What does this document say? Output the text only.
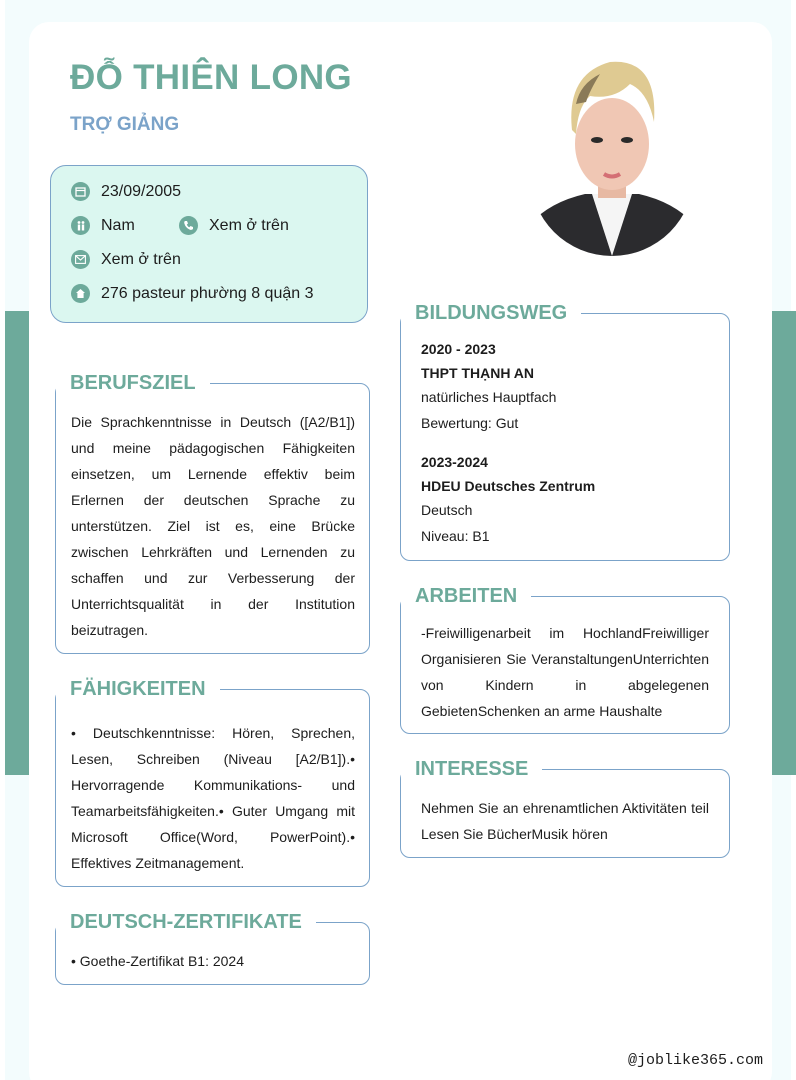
ĐỖ THIÊN LONG
TRỢ GIẢNG
23/09/2005
Nam	Xem ở trên
Xem ở trên
276 pasteur phường 8 quận 3
BERUFSZIEL
Die Sprachkenntnisse in Deutsch ([A2/B1]) und meine pädagogischen Fähigkeiten einsetzen, um Lernende effektiv beim Erlernen der deutschen Sprache zu unterstützen. Ziel ist es, eine Brücke zwischen Lehrkräften und Lernenden zu schaffen und zur Verbesserung der Unterrichtsqualität in der Institution beizutragen.
FÄHIGKEITEN
• Deutschkenntnisse: Hören, Sprechen, Lesen, Schreiben (Niveau [A2/B1]).• Hervorragende Kommunikations- und Teamarbeitsfähigkeiten.• Guter Umgang mit Microsoft Office(Word, PowerPoint).• Effektives Zeitmanagement.
DEUTSCH-ZERTIFIKATE
• Goethe-Zertifikat B1: 2024
BILDUNGSWEG
2020 - 2023
THPT THẠNH AN
natürliches Hauptfach
Bewertung: Gut
2023-2024
HDEU Deutsches Zentrum
Deutsch
Niveau: B1
ARBEITEN
-Freiwilligenarbeit im HochlandFreiwilliger Organisieren Sie VeranstaltungenUnterrichten von Kindern in abgelegenen GebietenSchenken an arme Haushalte
INTERESSE
Nehmen Sie an ehrenamtlichen Aktivitäten teil Lesen Sie BücherMusik hören
@joblike365.com
